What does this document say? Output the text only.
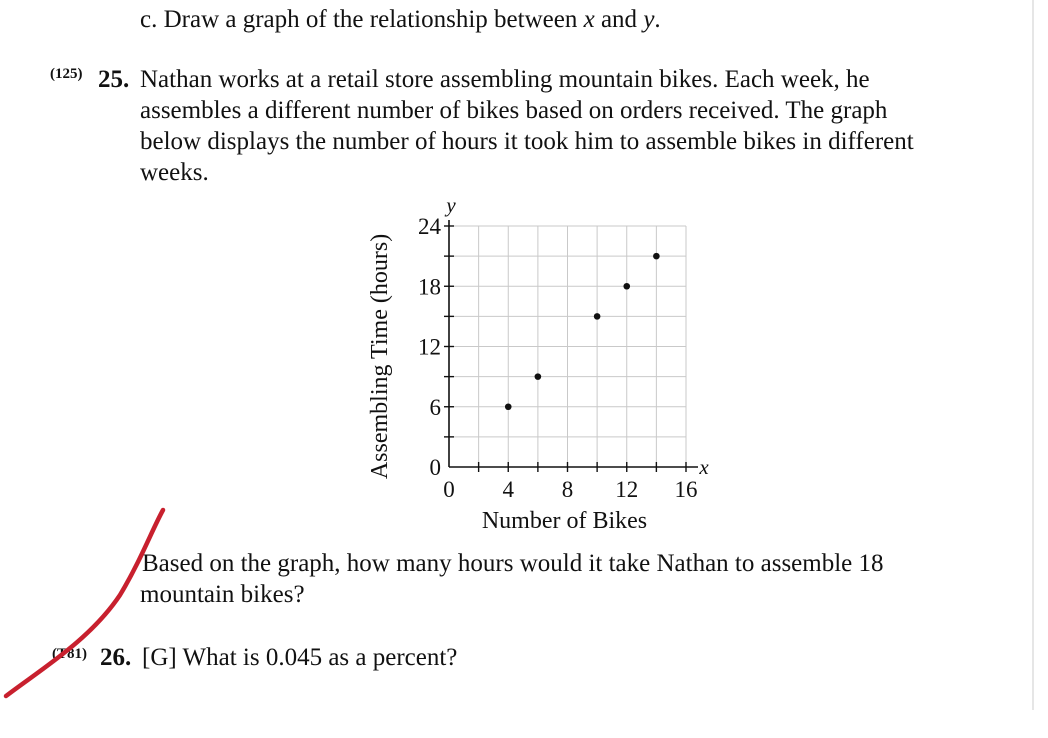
c. Draw a graph of the relationship between x and y.
(125) 25. Nathan works at a retail store assembling mountain bikes. Each week, he
assembles a different number of bikes based on orders received. The graph
below displays the number of hours it took him to assemble bikes in different
weeks.
0 4 8 12 16
0
6
12
18
24
x
y
Number of Bikes
Assembling Time (hours)
Based on the graph, how many hours would it take Nathan to assemble 18
mountain bikes?
(T81) 26. [G] What is 0.045 as a percent?
